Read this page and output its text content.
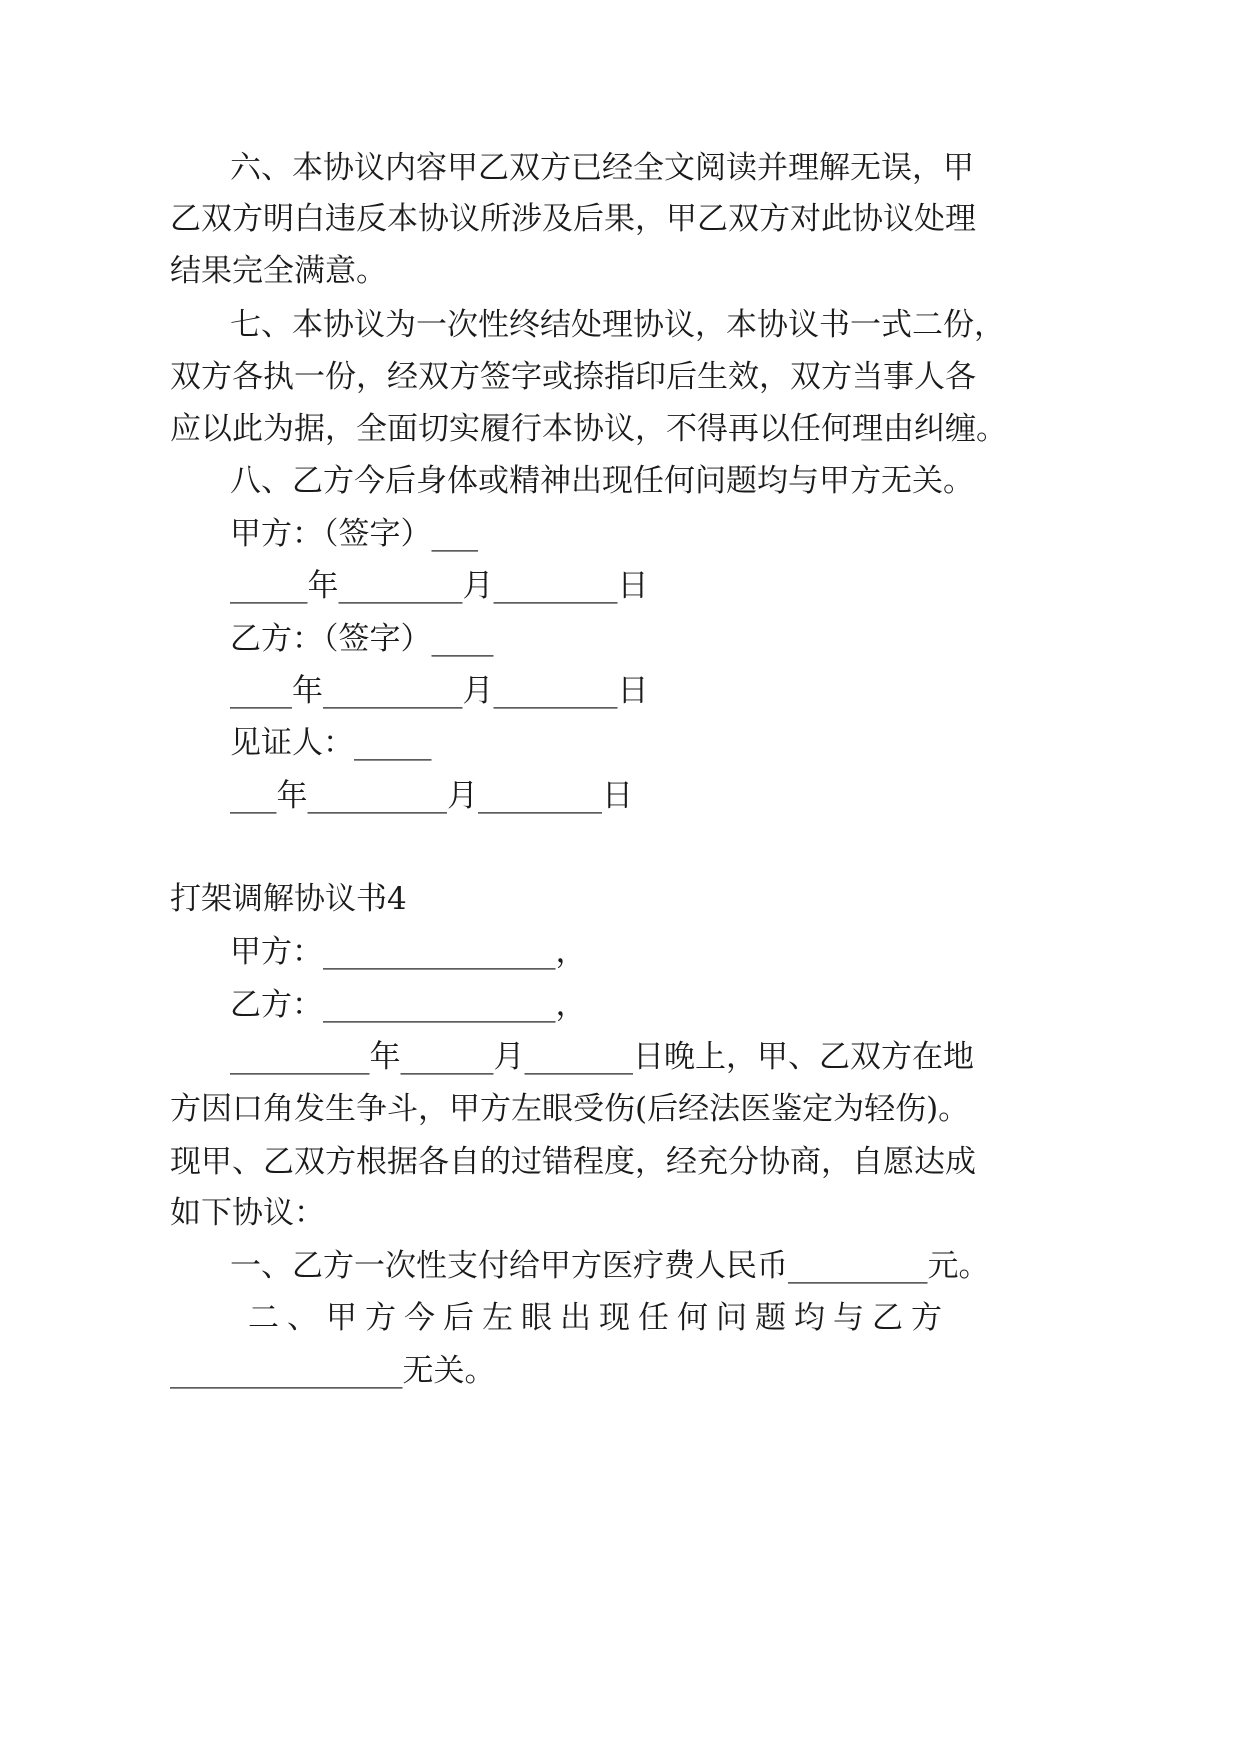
六、本协议内容甲乙双方已经全文阅读并理解无误，甲
乙双方明白违反本协议所涉及后果，甲乙双方对此协议处理
结果完全满意。
七、本协议为一次性终结处理协议，本协议书一式二份，
双方各执一份，经双方签字或捺指印后生效，双方当事人各
应以此为据，全面切实履行本协议，不得再以任何理由纠缠。
八、乙方今后身体或精神出现任何问题均与甲方无关。
甲方：（签字）___
_____年________月________日
乙方：（签字）____
____年_________月________日
见证人：_____
___年_________月________日
打架调解协议书4
甲方：_______________，
乙方：_______________，
_________年______月_______日晚上，甲、乙双方在地
方因口角发生争斗，甲方左眼受伤(后经法医鉴定为轻伤)。
现甲、乙双方根据各自的过错程度，经充分协商，自愿达成
如下协议：
一、乙方一次性支付给甲方医疗费人民币_________元。
二、甲方今后左眼出现任何问题均与乙方
_______________无关。
